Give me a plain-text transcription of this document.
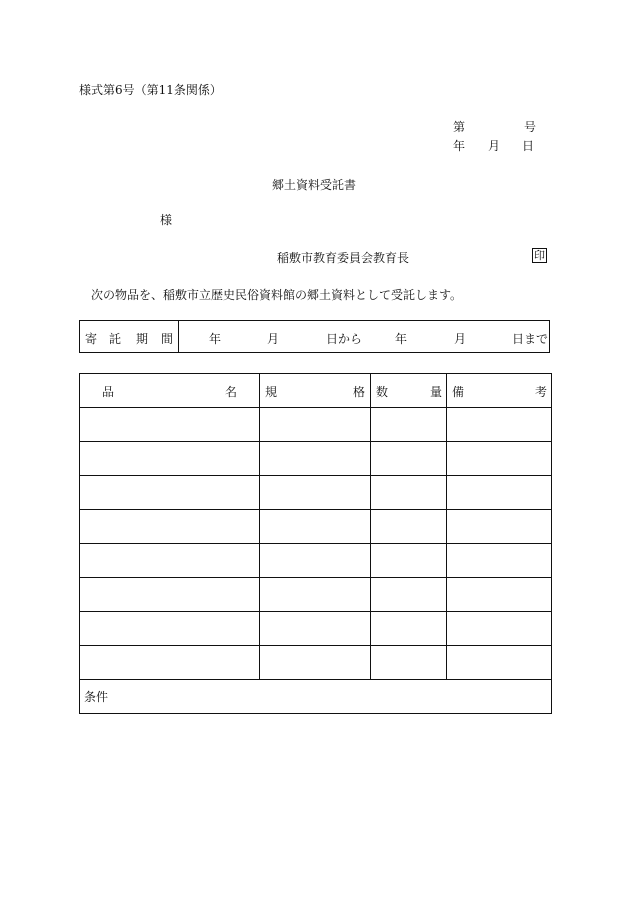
様式第6号（第11条関係）
第	号
年 月 日
郷土資料受託書
様
稲敷市教育委員会教育長	印
次の物品を、稲敷市立歴史民俗資料館の郷土資料として受託します。
寄 託 期 間	年	月	日から	年	月	日まで
品 名	規 格	数 量	備 考

条件			
